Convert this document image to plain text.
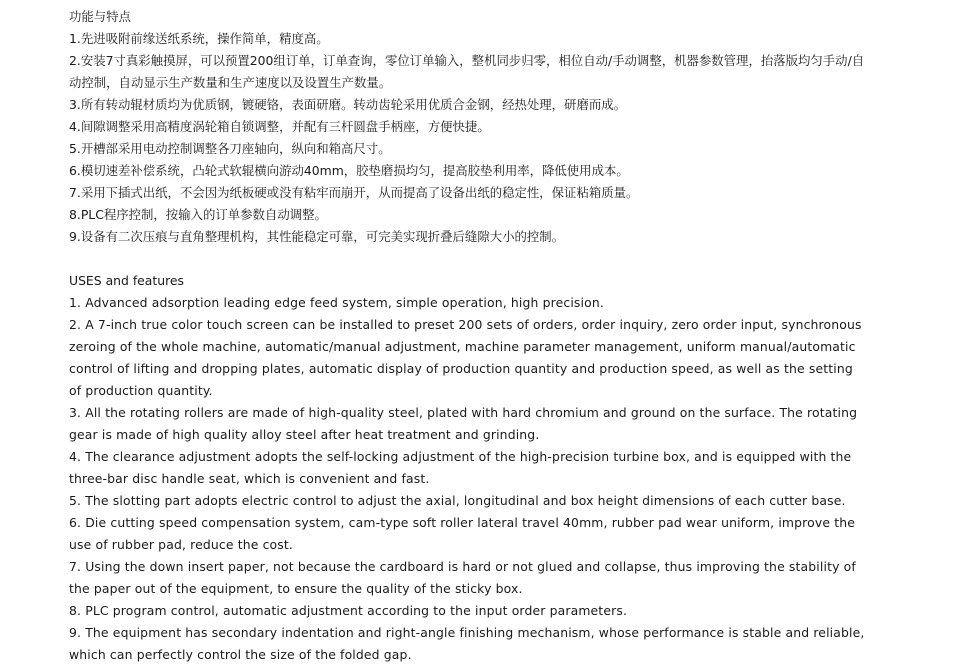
功能与特点
1.先进吸附前缘送纸系统，操作简单，精度高。
2.安装7寸真彩触摸屏，可以预置200组订单，订单查询，零位订单输入，整机同步归零，相位自动/手动调整，机器参数管理，抬落版均匀手动/自动控制，自动显示生产数量和生产速度以及设置生产数量。
3.所有转动辊材质均为优质钢，镀硬铬，表面研磨。转动齿轮采用优质合金钢，经热处理，研磨而成。
4.间隙调整采用高精度涡轮箱自锁调整，并配有三杆圆盘手柄座，方便快捷。
5.开槽部采用电动控制调整各刀座轴向，纵向和箱高尺寸。
6.模切速差补偿系统，凸轮式软辊横向游动40mm，胶垫磨损均匀，提高胶垫利用率，降低使用成本。
7.采用下插式出纸，不会因为纸板硬或没有粘牢而崩开，从而提高了设备出纸的稳定性，保证粘箱质量。
8.PLC程序控制，按输入的订单参数自动调整。
9.设备有二次压痕与直角整理机构，其性能稳定可靠，可完美实现折叠后缝隙大小的控制。
USES and features
1. Advanced adsorption leading edge feed system, simple operation, high precision.
2. A 7-inch true color touch screen can be installed to preset 200 sets of orders, order inquiry, zero order input, synchronous zeroing of the whole machine, automatic/manual adjustment, machine parameter management, uniform manual/automatic control of lifting and dropping plates, automatic display of production quantity and production speed, as well as the setting of production quantity.
3. All the rotating rollers are made of high-quality steel, plated with hard chromium and ground on the surface. The rotating gear is made of high quality alloy steel after heat treatment and grinding.
4. The clearance adjustment adopts the self-locking adjustment of the high-precision turbine box, and is equipped with the three-bar disc handle seat, which is convenient and fast.
5. The slotting part adopts electric control to adjust the axial, longitudinal and box height dimensions of each cutter base.
6. Die cutting speed compensation system, cam-type soft roller lateral travel 40mm, rubber pad wear uniform, improve the use of rubber pad, reduce the cost.
7. Using the down insert paper, not because the cardboard is hard or not glued and collapse, thus improving the stability of the paper out of the equipment, to ensure the quality of the sticky box.
8. PLC program control, automatic adjustment according to the input order parameters.
9. The equipment has secondary indentation and right-angle finishing mechanism, whose performance is stable and reliable, which can perfectly control the size of the folded gap.
